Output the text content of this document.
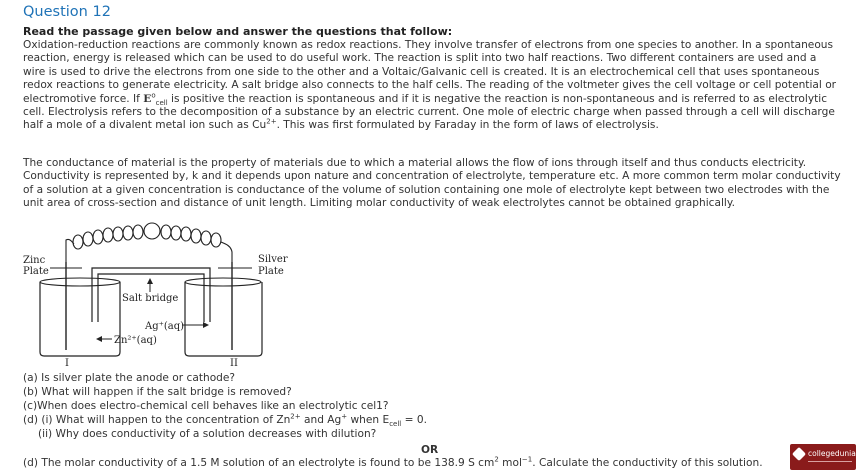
Question 12
Read the passage given below and answer the questions that follow:
Oxidation-reduction reactions are commonly known as redox reactions. They involve transfer of electrons from one species to another. In a spontaneous
reaction, energy is released which can be used to do useful work. The reaction is split into two half reactions. Two different containers are used and a
wire is used to drive the electrons from one side to the other and a Voltaic/Galvanic cell is created. It is an electrochemical cell that uses spontaneous
redox reactions to generate electricity. A salt bridge also connects to the half cells. The reading of the voltmeter gives the cell voltage or cell potential or
electromotive force. If $E^o_{cell}$ is positive the reaction is spontaneous and if it is negative the reaction is non-spontaneous and is referred to as electrolytic
cell. Electrolysis refers to the decomposition of a substance by an electric current. One mole of electric charge when passed through a cell will discharge
half a mole of a divalent metal ion such as $Cu^{2+}$. This was first formulated by Faraday in the form of laws of electrolysis.
The conductance of material is the property of materials due to which a material allows the flow of ions through itself and thus conducts electricity.
Conductivity is represented by, k and it depends upon nature and concentration of electrolyte, temperature etc. A more common term molar conductivity
of a solution at a given concentration is conductance of the volume of solution containing one mole of electrolyte kept between two electrodes with the
unit area of cross-section and distance of unit length. Limiting molar conductivity of weak electrolytes cannot be obtained graphically.
Zinc
Plate
Silver
Plate
Salt bridge
Ag⁺(aq)
Zn²⁺(aq)
I	II
(a) Is silver plate the anode or cathode?
(b) What will happen if the salt bridge is removed?
(c)When does electro-chemical cell behaves like an electrolytic cel1?
(d) (i) What will happen to the concentration of $Zn^{2+}$ and Ag+ when $E_{cell} = 0$.
(ii) Why does conductivity of a solution decreases with dilution?
OR
(d) The molar conductivity of a 1.5 M solution of an electrolyte is found to be 138.9 S $cm^2$ mol$^{-1}$. Calculate the conductivity of this solution.
collegedunia
